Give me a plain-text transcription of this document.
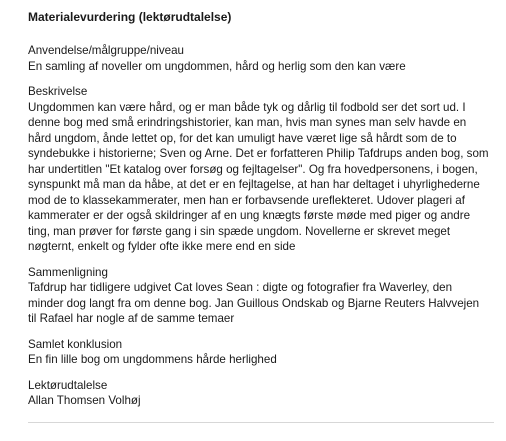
Materialevurdering (lektørudtalelse)
Anvendelse/målgruppe/niveau
En samling af noveller om ungdommen, hård og herlig som den kan være
Beskrivelse
Ungdommen kan være hård, og er man både tyk og dårlig til fodbold ser det sort ud. I
denne bog med små erindringshistorier, kan man, hvis man synes man selv havde en
hård ungdom, ånde lettet op, for det kan umuligt have været lige så hårdt som de to
syndebukke i historierne; Sven og Arne. Det er forfatteren Philip Tafdrups anden bog, som
har undertitlen "Et katalog over forsøg og fejltagelser". Og fra hovedpersonens, i bogen,
synspunkt må man da håbe, at det er en fejltagelse, at han har deltaget i uhyrlighederne
mod de to klassekammerater, men han er forbavsende ureflekteret. Udover plageri af
kammerater er der også skildringer af en ung knægts første møde med piger og andre
ting, man prøver for første gang i sin spæde ungdom. Novellerne er skrevet meget
nøgternt, enkelt og fylder ofte ikke mere end en side
Sammenligning
Tafdrup har tidligere udgivet Cat loves Sean : digte og fotografier fra Waverley, den
minder dog langt fra om denne bog. Jan Guillous Ondskab og Bjarne Reuters Halvvejen
til Rafael har nogle af de samme temaer
Samlet konklusion
En fin lille bog om ungdommens hårde herlighed
Lektørudtalelse
Allan Thomsen Volhøj
